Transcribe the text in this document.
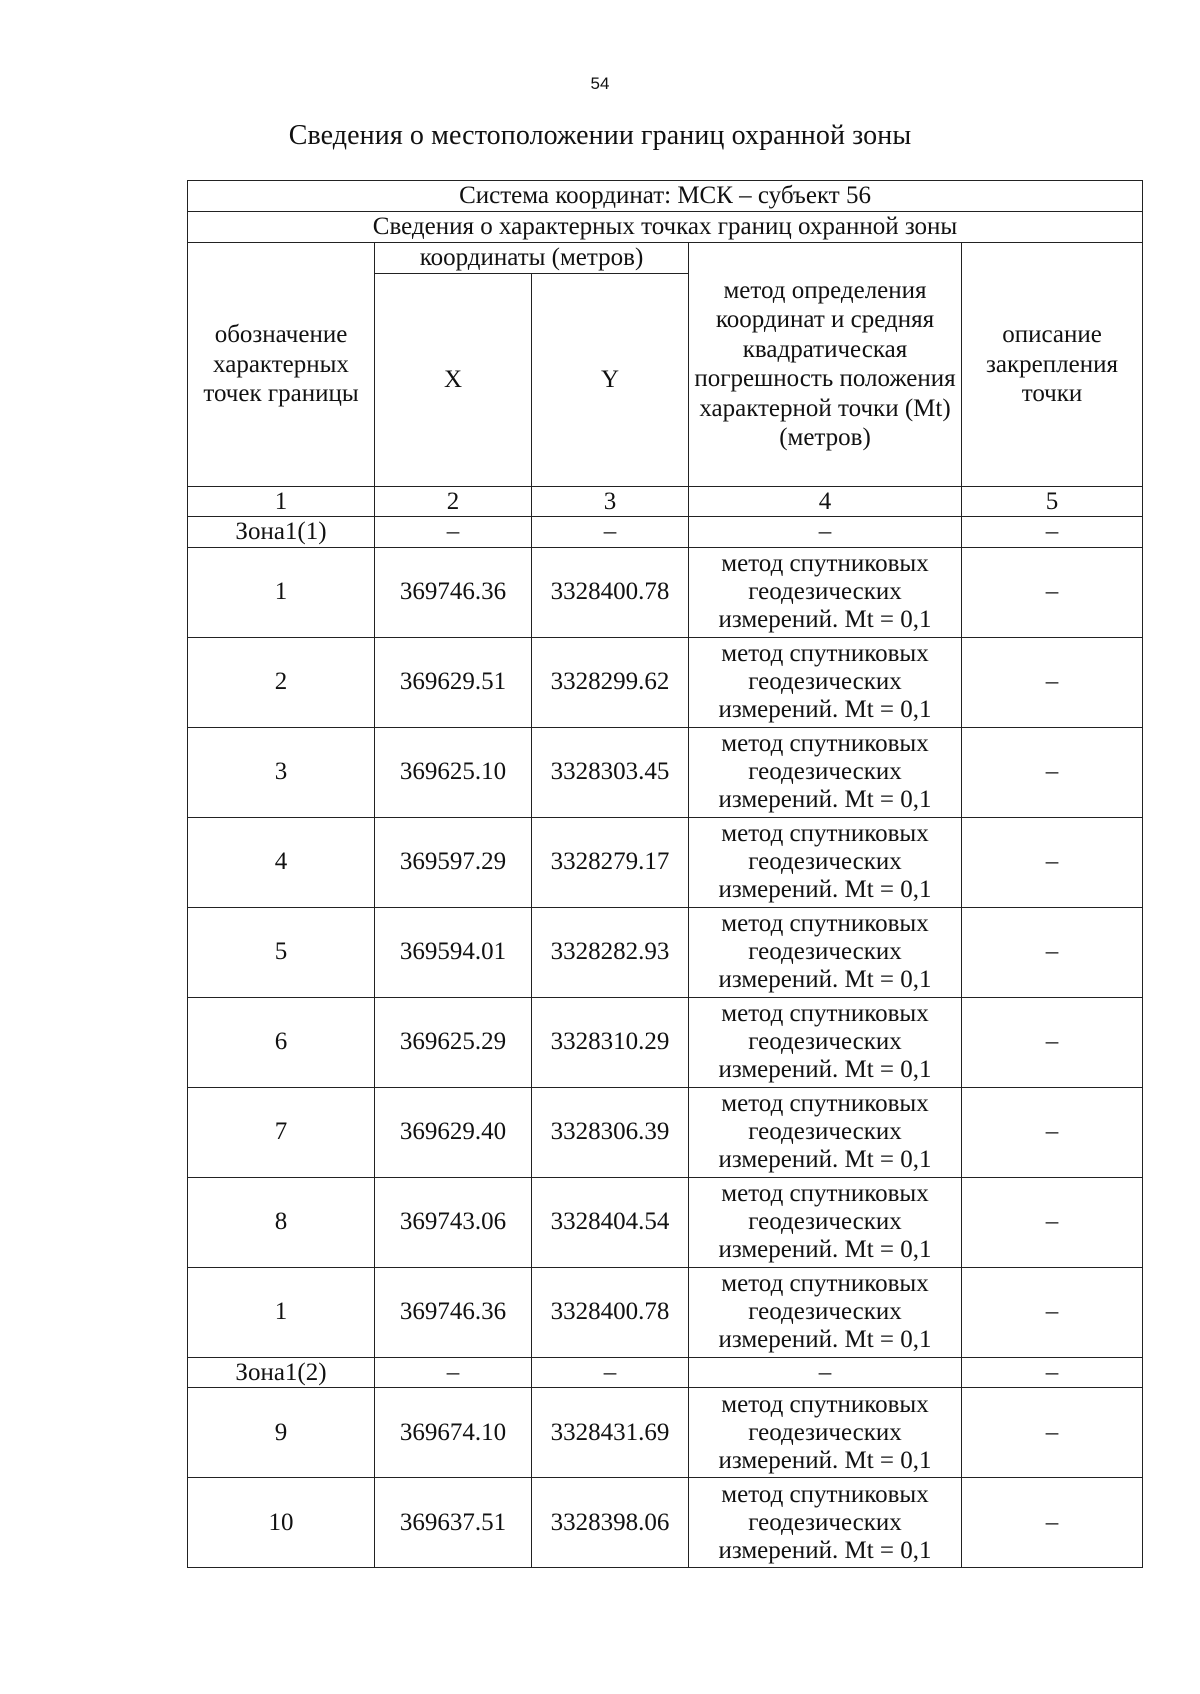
54
Сведения о местоположении границ охранной зоны
Система координат: МСК – субъект 56				
Сведения о характерных точках границ охранной зоны				
обозначение характерных точек границы	координаты (метров)		метод определения координат и средняя квадратическая погрешность положения характерной точки (Mt) (метров)	описание закрепления точки
	X	Y		
1	2	3	4	5
Зона1(1)	–	–	–	–
1	369746.36	3328400.78	метод спутниковых геодезических измерений. Mt = 0,1	–
2	369629.51	3328299.62	метод спутниковых геодезических измерений. Mt = 0,1	–
3	369625.10	3328303.45	метод спутниковых геодезических измерений. Mt = 0,1	–
4	369597.29	3328279.17	метод спутниковых геодезических измерений. Mt = 0,1	–
5	369594.01	3328282.93	метод спутниковых геодезических измерений. Mt = 0,1	–
6	369625.29	3328310.29	метод спутниковых геодезических измерений. Mt = 0,1	–
7	369629.40	3328306.39	метод спутниковых геодезических измерений. Mt = 0,1	–
8	369743.06	3328404.54	метод спутниковых геодезических измерений. Mt = 0,1	–
1	369746.36	3328400.78	метод спутниковых геодезических измерений. Mt = 0,1	–
Зона1(2)	–	–	–	–
9	369674.10	3328431.69	метод спутниковых геодезических измерений. Mt = 0,1	–
10	369637.51	3328398.06	метод спутниковых геодезических измерений. Mt = 0,1	–
